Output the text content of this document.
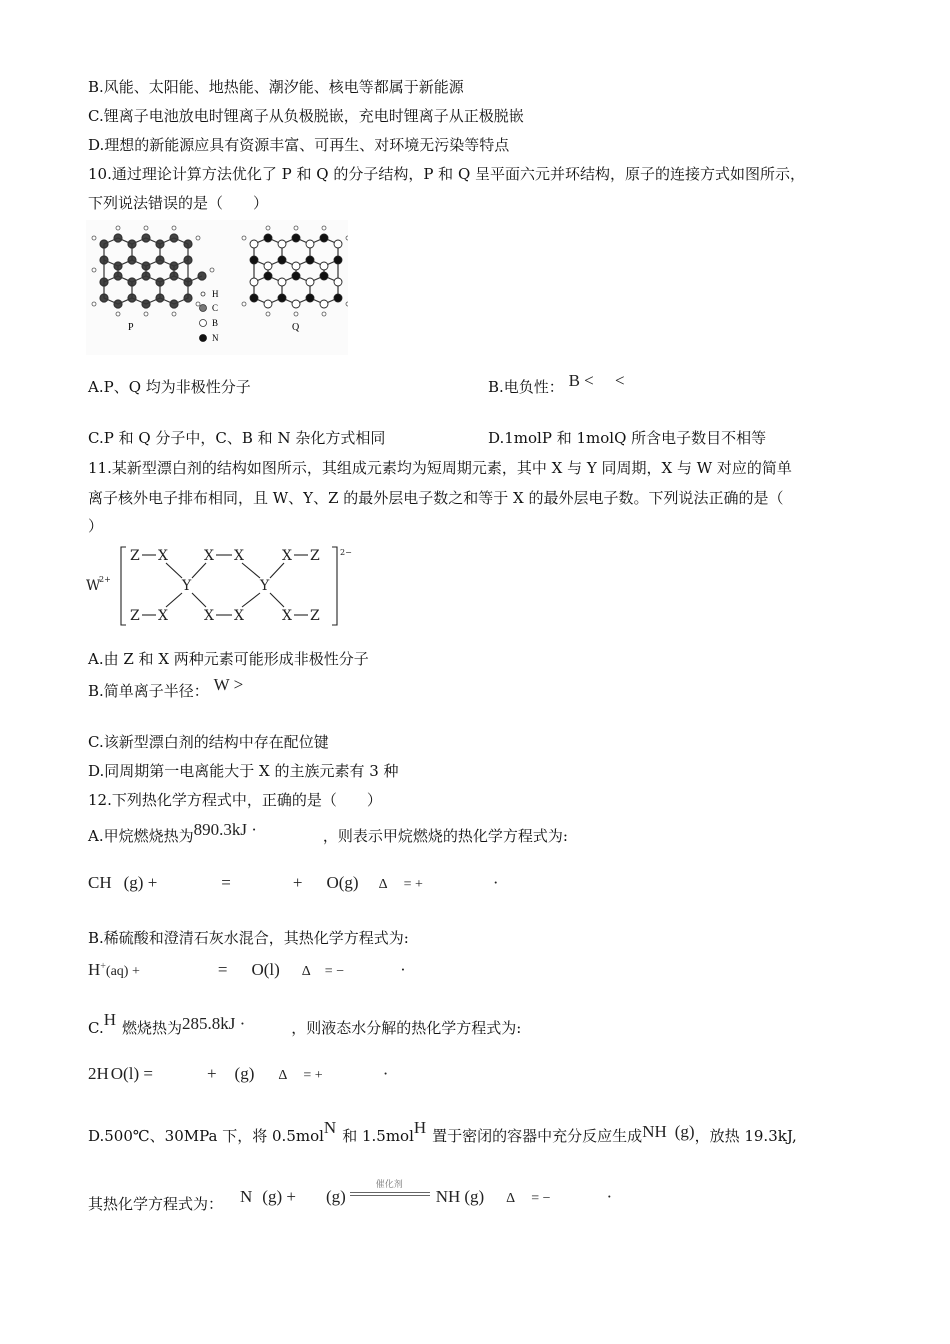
B.风能、太阳能、地热能、潮汐能、核电等都属于新能源
C.锂离子电池放电时锂离子从负极脱嵌，充电时锂离子从正极脱嵌
D.理想的新能源应具有资源丰富、可再生、对环境无污染等特点
10.通过理论计算方法优化了 P 和 Q 的分子结构，P 和 Q 呈平面六元并环结构，原子的连接方式如图所示，
下列说法错误的是（　　）
P
H
C
B
N
Q
A.P、Q 均为非极性分子	B.电负性： B <     <
C.P 和 Q 分子中，C、B 和 N 杂化方式相同	D.1molP 和 1molQ 所含电子数目不相等
11.某新型漂白剂的结构如图所示，其组成元素均为短周期元素，其中 X 与 Y 同周期，X 与 W 对应的简单
离子核外电子排布相同，且 W、Y、Z 的最外层电子数之和等于 X 的最外层电子数。下列说法正确的是（
）
W
2+
2−
Z X	X X	X Z
Y	Y
Z X	X X	X Z
A.由 Z 和 X 两种元素可能形成非极性分子
B.简单离子半径： W >
C.该新型漂白剂的结构中存在配位键
D.同周期第一电离能大于 X 的主族元素有 3 种
12.下列热化学方程式中，正确的是（　　）
A.甲烷燃烧热为890.3kJ ·	，则表示甲烷燃烧的热化学方程式为:
CH (g) +	=	+ O(g) Δ = +	·
B.稀硫酸和澄清石灰水混合，其热化学方程式为:
H+(aq) +	= O(l) Δ = −	·
C.H 燃烧热为285.8kJ ·	，则液态水分解的热化学方程式为:
2H O(l) =	+ (g) Δ = +	·
D.500℃、30MPa 下，将 0.5molN 和 1.5molH 置于密闭的容器中充分反应生成NH (g)，放热 19.3kJ,
其热化学方程式为： N (g) + (g)
催化剂
NH (g) Δ = −	·
